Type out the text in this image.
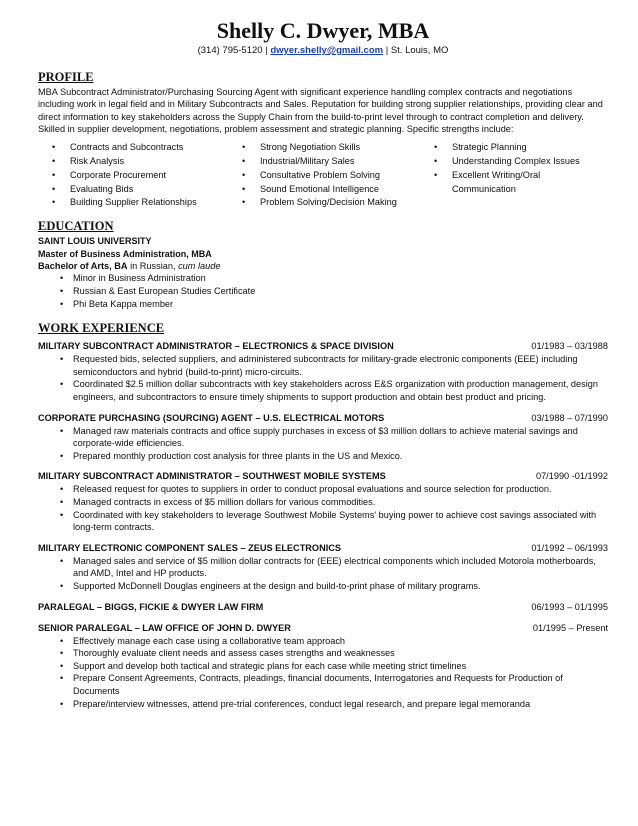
Shelly C. Dwyer, MBA
(314) 795-5120 | dwyer.shelly@gmail.com | St. Louis, MO
PROFILE

MBA Subcontract Administrator/Purchasing Sourcing Agent with significant experience handling complex contracts and negotiations including work in legal field and in Military Subcontracts and Sales. Reputation for building strong supplier relationships, providing clear and direct information to key stakeholders across the Supply Chain from the build-to-print level through to contract completion and delivery. Skilled in supplier development, negotiations, problem assessment and strategic planning. Specific strengths include:

• Contracts and Subcontracts
• Risk Analysis
• Corporate Procurement
• Evaluating Bids
• Building Supplier Relationships
• Strong Negotiation Skills
• Industrial/Military Sales
• Consultative Problem Solving
• Sound Emotional Intelligence
• Problem Solving/Decision Making
• Strategic Planning
• Understanding Complex Issues
• Excellent Writing/Oral Communication
EDUCATION
SAINT LOUIS UNIVERSITY
Master of Business Administration, MBA
Bachelor of Arts, BA in Russian, cum laude
• Minor in Business Administration
• Russian & East European Studies Certificate
• Phi Beta Kappa member
WORK EXPERIENCE
MILITARY SUBCONTRACT ADMINISTRATOR – ELECTRONICS & SPACE DIVISION	01/1983 – 03/1988
• Requested bids, selected suppliers, and administered subcontracts for military-grade electronic components (EEE) including semiconductors and hybrid (build-to-print) micro-circuits.
• Coordinated $2.5 million dollar subcontracts with key stakeholders across E&S organization with production management, design engineers, and subcontractors to ensure timely shipments to support production and obtain best product and pricing.
CORPORATE PURCHASING (SOURCING) AGENT – U.S. ELECTRICAL MOTORS	03/1988 – 07/1990
• Managed raw materials contracts and office supply purchases in excess of $3 million dollars to achieve material savings and corporate-wide efficiencies.
• Prepared monthly production cost analysis for three plants in the US and Mexico.
MILITARY SUBCONTRACT ADMINISTRATOR – SOUTHWEST MOBILE SYSTEMS	07/1990 -01/1992
• Released request for quotes to suppliers in order to conduct proposal evaluations and source selection for production.
• Managed contracts in excess of $5 million dollars for various commodities.
• Coordinated with key stakeholders to leverage Southwest Mobile Systems' buying power to achieve cost savings associated with long-term contracts.
MILITARY ELECTRONIC COMPONENT SALES – ZEUS ELECTRONICS	01/1992 – 06/1993
• Managed sales and service of $5 million dollar contracts for (EEE) electrical components which included Motorola motherboards, and AMD, Intel and HP products.
• Supported McDonnell Douglas engineers at the design and build-to-print phase of military programs.
PARALEGAL – BIGGS, FICKIE & DWYER LAW FIRM	06/1993 – 01/1995
SENIOR PARALEGAL – LAW OFFICE OF JOHN D. DWYER	01/1995 – Present
• Effectively manage each case using a collaborative team approach
• Thoroughly evaluate client needs and assess cases strengths and weaknesses
• Support and develop both tactical and strategic plans for each case while meeting strict timelines
• Prepare Consent Agreements, Contracts, pleadings, financial documents, Interrogatories and Requests for Production of Documents
• Prepare/interview witnesses, attend pre-trial conferences, conduct legal research, and prepare legal memoranda
